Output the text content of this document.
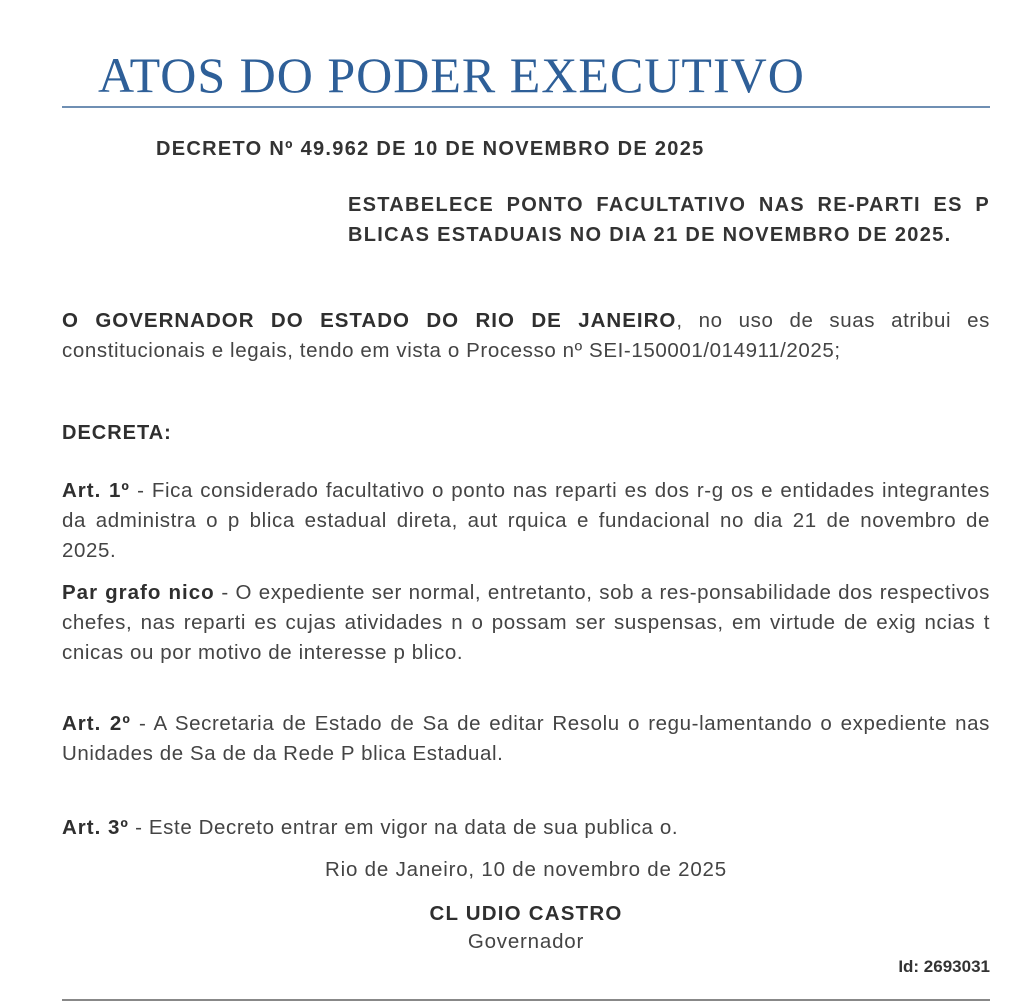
ATOS DO PODER EXECUTIVO
DECRETO Nº 49.962 DE 10 DE NOVEMBRO DE 2025

ESTABELECE PONTO FACULTATIVO NAS RE-PARTI ES P BLICAS ESTADUAIS NO DIA 21 DE NOVEMBRO DE 2025.

O GOVERNADOR DO ESTADO DO RIO DE JANEIRO, no uso de suas atribui es constitucionais e legais, tendo em vista o Processo nº SEI-150001/014911/2025;

DECRETA:

Art. 1º - Fica considerado facultativo o ponto nas reparti es dos r-g os e entidades integrantes da administra o p blica estadual direta, aut rquica e fundacional no dia 21 de novembro de 2025.

Par grafo nico - O expediente ser normal, entretanto, sob a res-ponsabilidade dos respectivos chefes, nas reparti es cujas atividades n o possam ser suspensas, em virtude de exig ncias t cnicas ou por motivo de interesse p blico.

Art. 2º - A Secretaria de Estado de Sa de editar Resolu o regu-lamentando o expediente nas Unidades de Sa de da Rede P blica Estadual.

Art. 3º - Este Decreto entrar em vigor na data de sua publica o.

Rio de Janeiro, 10 de novembro de 2025
CL UDIO CASTRO
Governador
Id: 2693031
